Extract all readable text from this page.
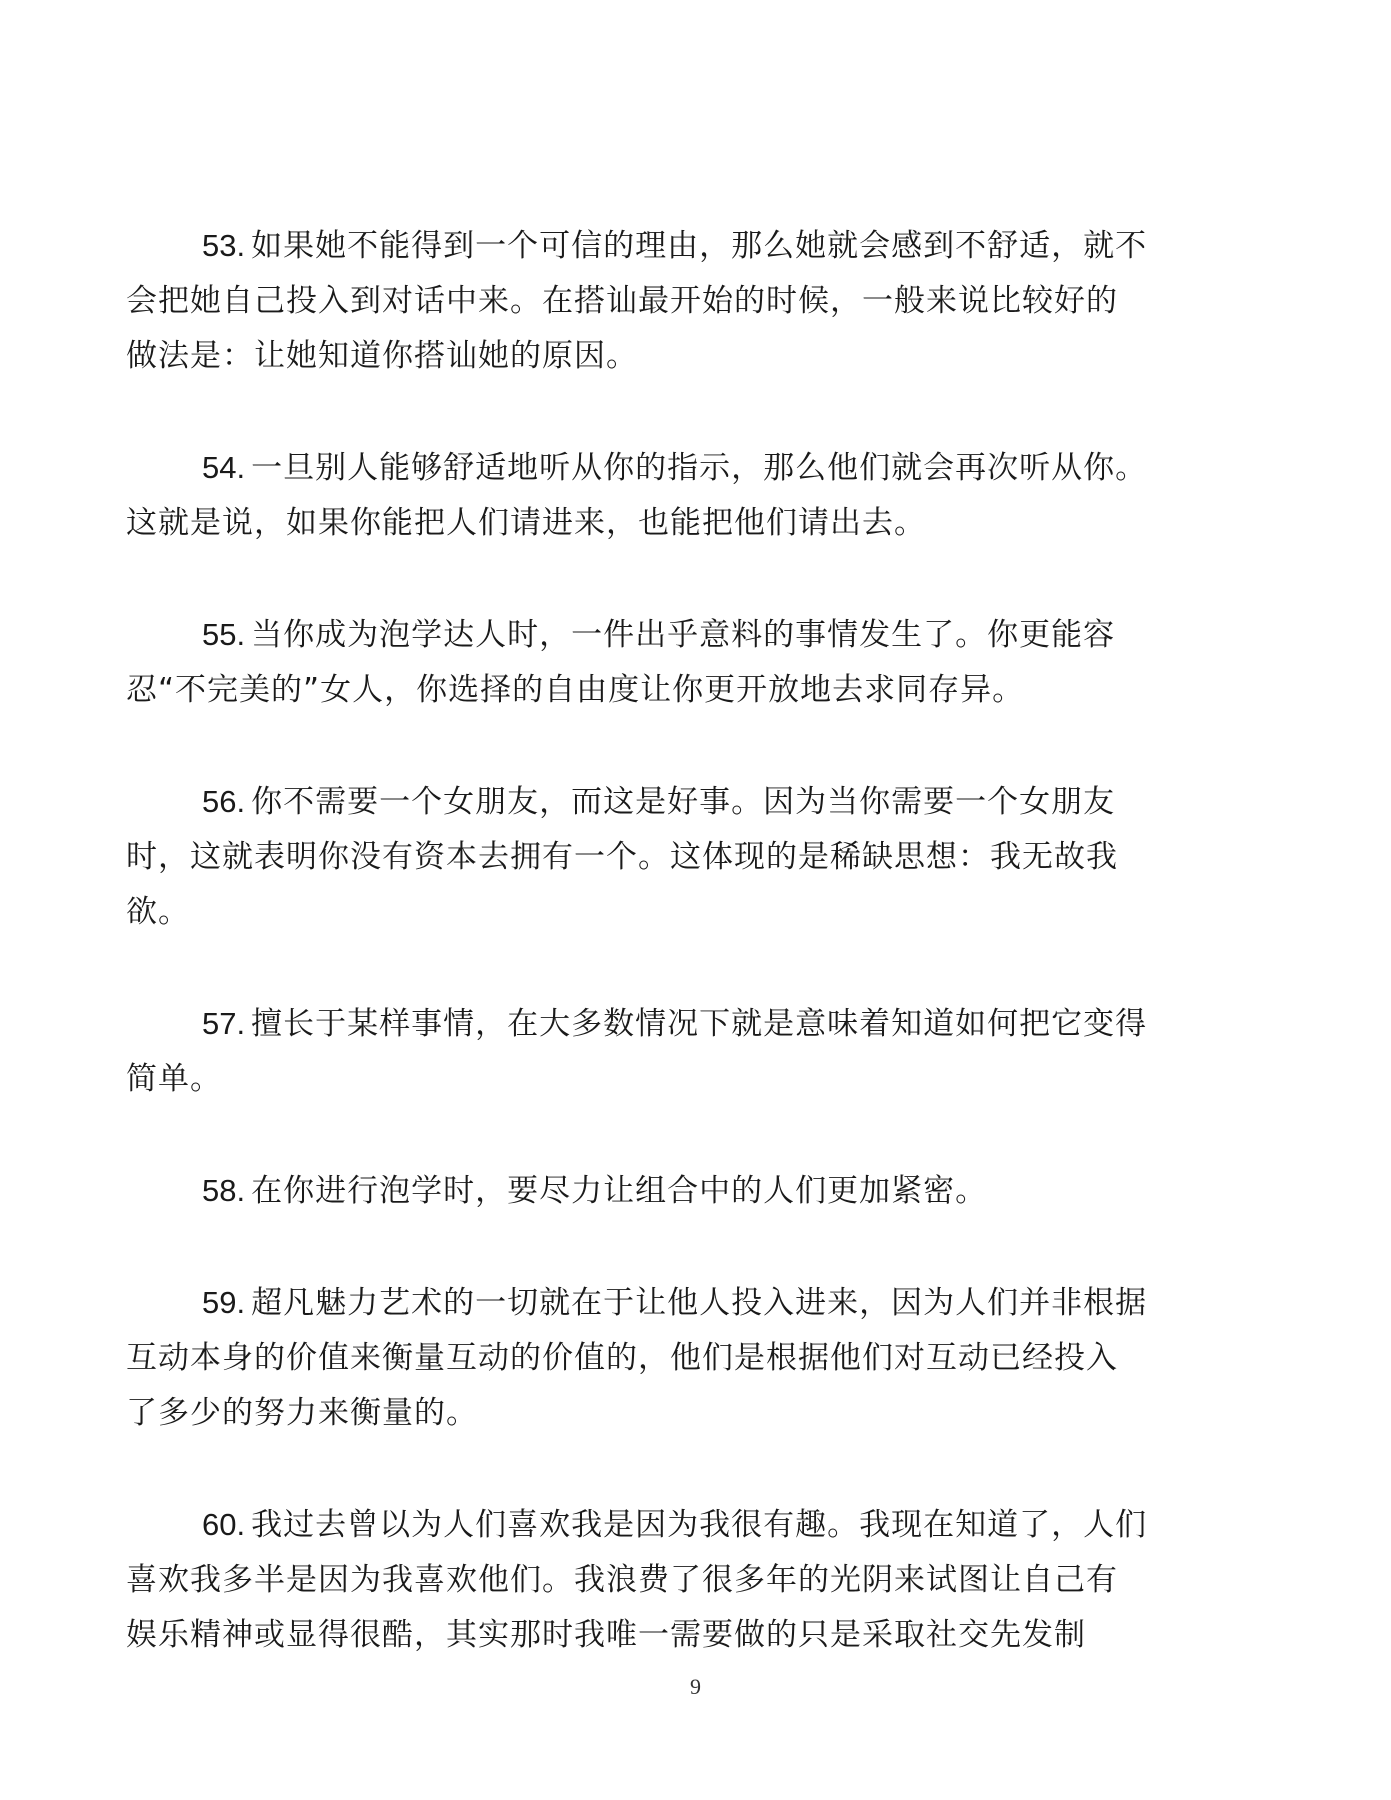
53. 如果她不能得到一个可信的理由，那么她就会感到不舒适，就不
会把她自己投入到对话中来。在搭讪最开始的时候，一般来说比较好的
做法是：让她知道你搭讪她的原因。

54. 一旦别人能够舒适地听从你的指示，那么他们就会再次听从你。
这就是说，如果你能把人们请进来，也能把他们请出去。

55. 当你成为泡学达人时，一件出乎意料的事情发生了。你更能容
忍“不完美的”女人，你选择的自由度让你更开放地去求同存异。

56. 你不需要一个女朋友，而这是好事。因为当你需要一个女朋友
时，这就表明你没有资本去拥有一个。这体现的是稀缺思想：我无故我
欲。

57. 擅长于某样事情，在大多数情况下就是意味着知道如何把它变得
简单。

58. 在你进行泡学时，要尽力让组合中的人们更加紧密。

59. 超凡魅力艺术的一切就在于让他人投入进来，因为人们并非根据
互动本身的价值来衡量互动的价值的，他们是根据他们对互动已经投入
了多少的努力来衡量的。

60. 我过去曾以为人们喜欢我是因为我很有趣。我现在知道了，人们
喜欢我多半是因为我喜欢他们。我浪费了很多年的光阴来试图让自己有
娱乐精神或显得很酷，其实那时我唯一需要做的只是采取社交先发制

9
